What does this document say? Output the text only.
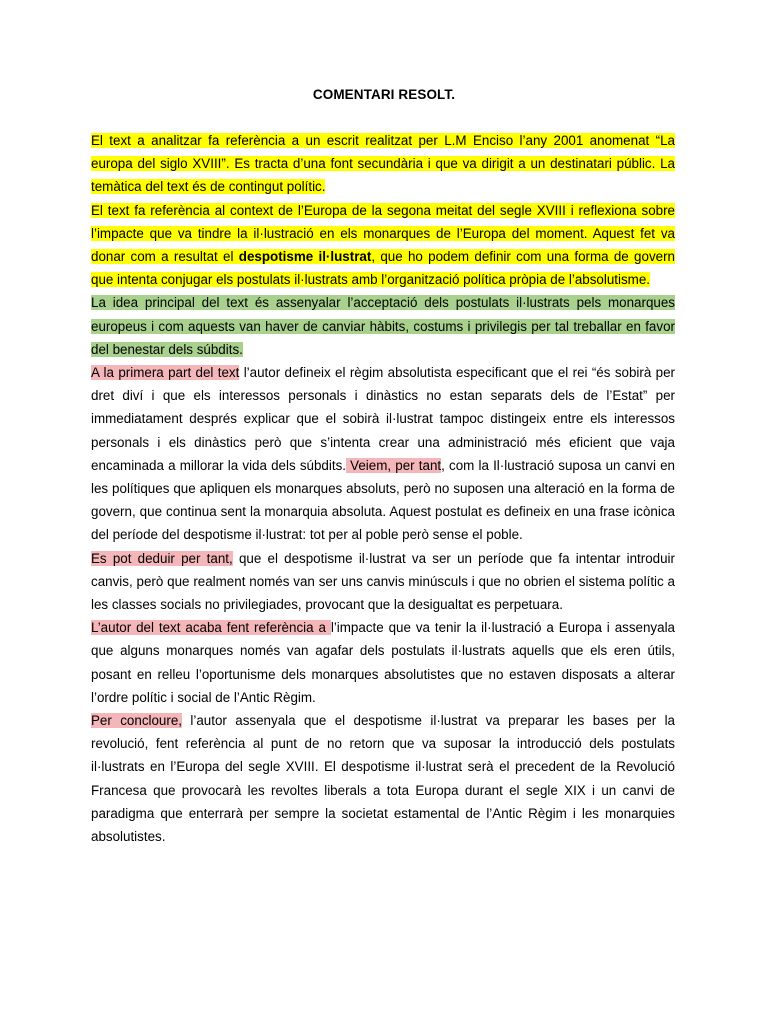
COMENTARI RESOLT.

El text a analitzar fa referència a un escrit realitzat per L.M Enciso l’any 2001 anomenat “La europa del siglo XVIII”. Es tracta d’una font secundària i que va dirigit a un destinatari públic. La temàtica del text és de contingut polític.

El text fa referència al context de l’Europa de la segona meitat del segle XVIII i reflexiona sobre l’impacte que va tindre la il·lustració en els monarques de l’Europa del moment. Aquest fet va donar com a resultat el despotisme il·lustrat, que ho podem definir com una forma de govern que intenta conjugar els postulats il·lustrats amb l’organització política pròpia de l’absolutisme.

La idea principal del text és assenyalar l’acceptació dels postulats il·lustrats pels monarques europeus i com aquests van haver de canviar hàbits, costums i privilegis per tal treballar en favor del benestar dels súbdits.

A la primera part del text l’autor defineix el règim absolutista especificant que el rei “és sobirà per dret diví i que els interessos personals i dinàstics no estan separats dels de l’Estat” per immediatament després explicar que el sobirà il·lustrat tampoc distingeix entre els interessos personals i els dinàstics però que s’intenta crear una administració més eficient que vaja encaminada a millorar la vida dels súbdits. Veiem, per tant, com la Il·lustració suposa un canvi en les polítiques que apliquen els monarques absoluts, però no suposen una alteració en la forma de govern, que continua sent la monarquia absoluta. Aquest postulat es defineix en una frase icònica del període del despotisme il·lustrat: tot per al poble però sense el poble.

Es pot deduir per tant, que el despotisme il·lustrat va ser un període que fa intentar introduir canvis, però que realment només van ser uns canvis minúsculs i que no obrien el sistema polític a les classes socials no privilegiades, provocant que la desigualtat es perpetuara.

L’autor del text acaba fent referència a l’impacte que va tenir la il·lustració a Europa i assenyala que alguns monarques només van agafar dels postulats il·lustrats aquells que els eren útils, posant en relleu l’oportunisme dels monarques absolutistes que no estaven disposats a alterar l’ordre polític i social de l’Antic Règim.

Per concloure, l’autor assenyala que el despotisme il·lustrat va preparar les bases per la revolució, fent referència al punt de no retorn que va suposar la introducció dels postulats il·lustrats en l’Europa del segle XVIII. El despotisme il·lustrat serà el precedent de la Revolució Francesa que provocarà les revoltes liberals a tota Europa durant el segle XIX i un canvi de paradigma que enterrarà per sempre la societat estamental de l’Antic Règim i les monarquies absolutistes.
